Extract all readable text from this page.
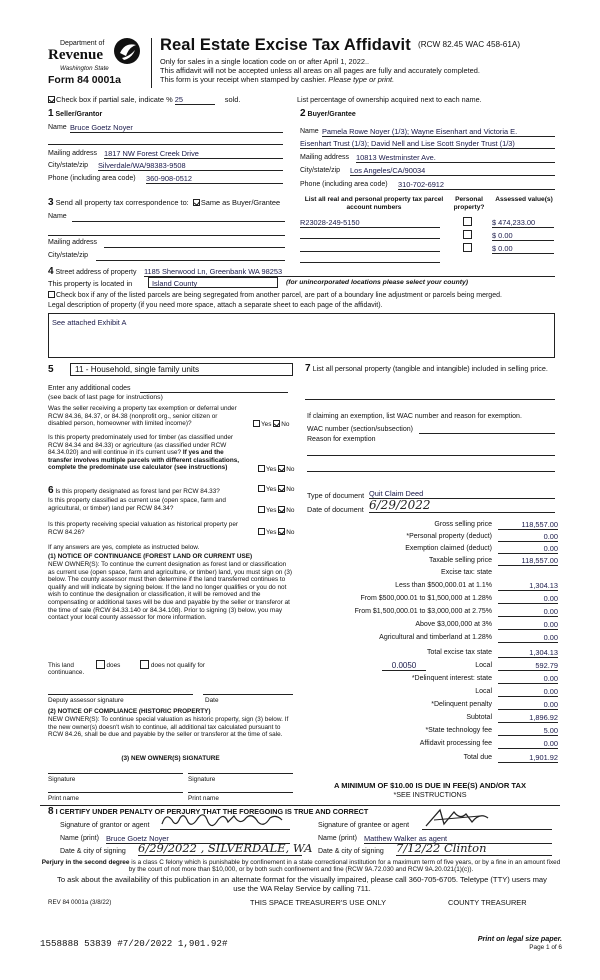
Department of
Revenue
Washington State
Form 84 0001a
Real Estate Excise Tax Affidavit (RCW 82.45 WAC 458-61A)
Only for sales in a single location code on or after April 1, 2022..
This affidavit will not be accepted unless all areas on all pages are fully and accurately completed.
This form is your receipt when stamped by cashier. Please type or print.
Check box if partial sale, indicate % 25	sold.	List percentage of ownership acquired next to each name.
1 Seller/Grantor
Name Bruce Goetz Noyer
Mailing address 1817 NW Forest Creek Drive
City/state/zip Silverdale/WA/98383-9508
Phone (including area code) 360-908-0512
2 Buyer/Grantee
Name Pamela Rowe Noyer (1/3); Wayne Eisenhart and Victoria E.
Eisenhart Trust (1/3); David Nell and Lise Scott Snyder Trust (1/3)
Mailing address 10813 Westminster Ave.
City/state/zip Los Angeles/CA/90034
Phone (including area code) 310-702-6912
3 Send all property tax correspondence to: Same as Buyer/Grantee
Name
Mailing address
City/state/zip
List all real and personal property tax parcel account numbers
Personal property?
Assessed value(s)
R23028-249-5150	$ 474,233.00
$ 0.00
$ 0.00
4 Street address of property 1185 Sherwood Ln, Greenbank WA 98253
This property is located in	Island County	(for unincorporated locations please select your county)
Check box if any of the listed parcels are being segregated from another parcel, are part of a boundary line adjustment or parcels being merged.
Legal description of property (if you need more space, attach a separate sheet to each page of the affidavit).
See attached Exhibit A
5	11 - Household, single family units
Enter any additional codes
(see back of last page for instructions)
Was the seller receiving a property tax exemption or deferral under RCW 84.36, 84.37, or 84.38 (nonprofit org., senior citizen or disabled person, homeowner with limited income)?	Yes No
Is this property predominately used for timber (as classified under RCW 84.34 and 84.33) or agriculture (as classified under RCW 84.34.020) and will continue in it's current use? If yes and the transfer involves multiple parcels with different classifications, complete the predominate use calculator (see instructions)	Yes No
6 Is this property designated as forest land per RCW 84.33?	Yes No
Is this property classified as current use (open space, farm and agricultural, or timber) land per RCW 84.34?	Yes No
Is this property receiving special valuation as historical property per RCW 84.26?	Yes No
If any answers are yes, complete as instructed below.
(1) NOTICE OF CONTINUANCE (FOREST LAND OR CURRENT USE)
NEW OWNER(S): To continue the current designation as forest land or classification as current use (open space, farm and agriculture, or timber) land, you must sign on (3) below. The county assessor must then determine if the land transferred continues to qualify and will indicate by signing below. If the land no longer qualifies or you do not wish to continue the designation or classification, it will be removed and the compensating or additional taxes will be due and payable by the seller or transferor at the time of sale (RCW 84.33.140 or 84.34.108). Prior to signing (3) below, you may contact your local county assessor for more information.
This land	does	does not qualify for
continuance.
Deputy assessor signature	Date
(2) NOTICE OF COMPLIANCE (HISTORIC PROPERTY)
NEW OWNER(S): To continue special valuation as historic property, sign (3) below. If the new owner(s) doesn't wish to continue, all additional tax calculated pursuant to RCW 84.26, shall be due and payable by the seller or transferor at the time of sale.
(3) NEW OWNER(S) SIGNATURE
Signature	Signature
Print name	Print name
7 List all personal property (tangible and intangible) included in selling price.
If claiming an exemption, list WAC number and reason for exemption.
WAC number (section/subsection)
Reason for exemption
Type of document Quit Claim Deed
Date of document 6/29/2022
Gross selling price	118,557.00
*Personal property (deduct)	0.00
Exemption claimed (deduct)	0.00
Taxable selling price	118,557.00
Excise tax: state
Less than $500,000.01 at 1.1%	1,304.13
From $500,000.01 to $1,500,000 at 1.28%	0.00
From $1,500,000.01 to $3,000,000 at 2.75%	0.00
Above $3,000,000 at 3%	0.00
Agricultural and timberland at 1.28%	0.00
Total excise tax state	1,304.13
0.0050	Local	592.79
*Delinquent interest: state	0.00
Local	0.00
*Delinquent penalty	0.00
Subtotal	1,896.92
*State technology fee	5.00
Affidavit processing fee	0.00
Total due	1,901.92
A MINIMUM OF $10.00 IS DUE IN FEE(S) AND/OR TAX
*SEE INSTRUCTIONS
8 I CERTIFY UNDER PENALTY OF PERJURY THAT THE FOREGOING IS TRUE AND CORRECT
Signature of grantor or agent
Name (print) Bruce Goetz Noyer
Date & city of signing 6/29/2022 , SILVERDALE, WA
Signature of grantee or agent
Name (print) Matthew Walker as agent
Date & city of signing 7/12/22 Clinton
Perjury in the second degree is a class C felony which is punishable by confinement in a state correctional institution for a maximum term of five years, or by a fine in an amount fixed by the court of not more than $10,000, or by both such confinement and fine (RCW 9A.72.030 and RCW 9A.20.021(1)(c)).
To ask about the availability of this publication in an alternate format for the visually impaired, please call 360-705-6705. Teletype (TTY) users may use the WA Relay Service by calling 711.
REV 84 0001a (3/8/22)	THIS SPACE TREASURER'S USE ONLY	COUNTY TREASURER
1558888 53839 #7/20/2022 1,901.92#	Print on legal size paper.
Page 1 of 6
